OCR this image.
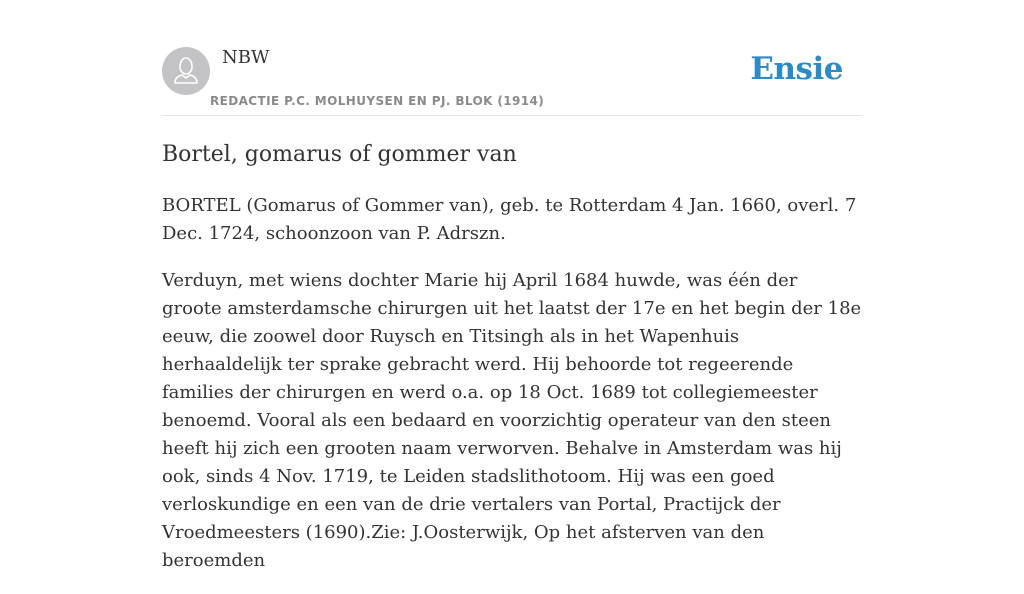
NBW
REDACTIE P.C. MOLHUYSEN EN PJ. BLOK (1914)
Ensie
Bortel, gomarus of gommer van

BORTEL (Gomarus of Gommer van), geb. te Rotterdam 4 Jan. 1660, overl. 7 Dec. 1724, schoonzoon van P. Adrszn.

Verduyn, met wiens dochter Marie hij April 1684 huwde, was één der groote amsterdamsche chirurgen uit het laatst der 17e en het begin der 18e eeuw, die zoowel door Ruysch en Titsingh als in het Wapenhuis herhaaldelijk ter sprake gebracht werd. Hij behoorde tot regeerende families der chirurgen en werd o.a. op 18 Oct. 1689 tot collegiemeester benoemd. Vooral als een bedaard en voorzichtig operateur van den steen heeft hij zich een grooten naam verworven. Behalve in Amsterdam was hij ook, sinds 4 Nov. 1719, te Leiden stadslithotoom. Hij was een goed verloskundige en een van de drie vertalers van Portal, Practijck der Vroedmeesters (1690).Zie: J.Oosterwijk, Op het afsterven van den beroemden
